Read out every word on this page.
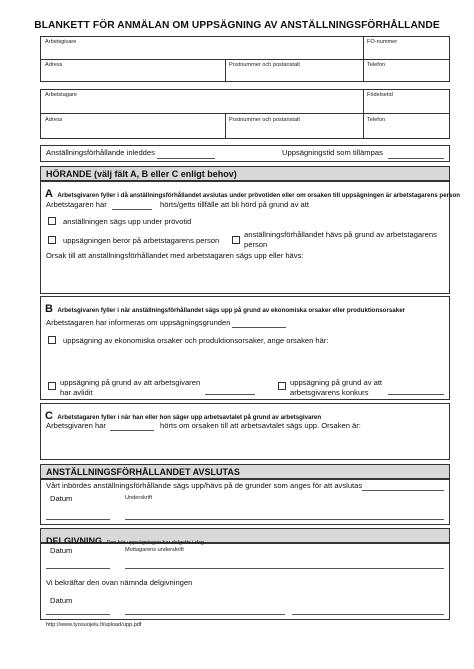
BLANKETT FÖR ANMÄLAN OM UPPSÄGNING AV ANSTÄLLNINGSFÖRHÅLLANDE
Arbetsgivare	FO-nummer
Adress	Postnummer och postanstalt	Telefon
Arbetstagare	Födelsetid
Adress	Postnummer och postanstalt	Telefon
Anställningsförhållande inleddes	Uppsägningstid som tillämpas
HÖRANDE (välj fält A, B eller C enligt behov)
A Arbetsgivaren fyller i då anställningsförhållandet avslutas under prövotiden eller om orsaken till uppsägningen är arbetstagarens person
Arbetstagaren har	hörts/getts tillfälle att bli hörd på grund av att
anställningen sägs upp under prövotid
uppsägningen beror på arbetstagarens person
anställningsförhållandet hävs på grund av arbetstagarens
person
Orsak till att anställningsförhållandet med arbetstagaren sägs upp eller hävs:
B Arbetsgivaren fyller i när anställningsförhållandet sägs upp på grund av ekonomiska orsaker eller produktionsorsaker
Arbetstagaren har informeras om uppsägningsgrunden
uppsägning av ekonomiska orsaker och produktionsorsaker, ange orsaken här:
uppsägning på grund av att arbetsgivaren
har avlidit
uppsägning på grund av att
arbetsgivarens konkurs
C Arbetstagaren fyller i när han eller hon säger upp arbetsavtalet på grund av arbetsgivaren
Arbetsgivaren har	hörts om orsaken till att arbetsavtalet sägs upp. Orsaken är:
ANSTÄLLNINGSFÖRHÅLLANDET AVSLUTAS
Vårt inbördes anställningsförhållande sägs upp/hävs på de grunder som anges för att avslutas
Datum	Underskrift
DELGIVNING Den här uppsägningen har delgetts i dag
Datum	Mottagarens underskrift
Vi bekräftar den ovan nämnda delgivningen
Datum
http://www.tyosuojelu.fi/upload/upp.pdf
